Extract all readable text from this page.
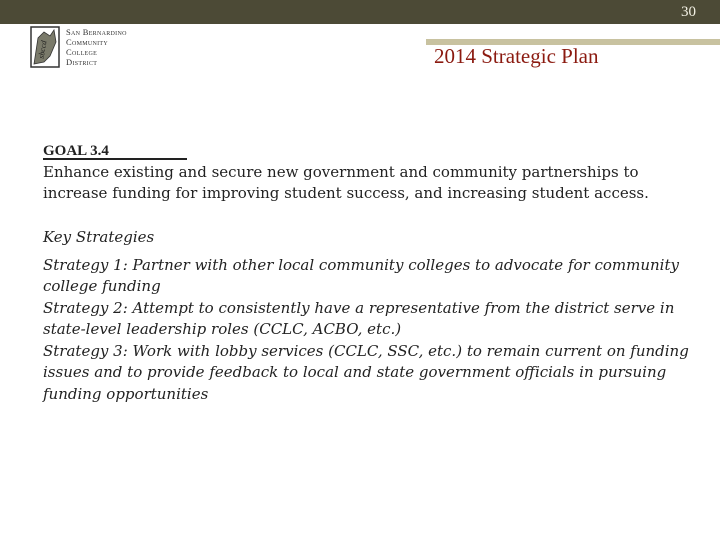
30
sbccd
San Bernardino
Community
College
District	2014 Strategic Plan
GOAL 3.4
Enhance existing and secure new government and community partnerships to increase funding for improving student success, and increasing student access.
Key Strategies

Strategy 1: Partner with other local community colleges to advocate for community college funding

Strategy 2: Attempt to consistently have a representative from the district serve in state-level leadership roles (CCLC, ACBO, etc.)

Strategy 3: Work with lobby services (CCLC, SSC, etc.) to remain current on funding issues and to provide feedback to local and state government officials in pursuing funding opportunities
